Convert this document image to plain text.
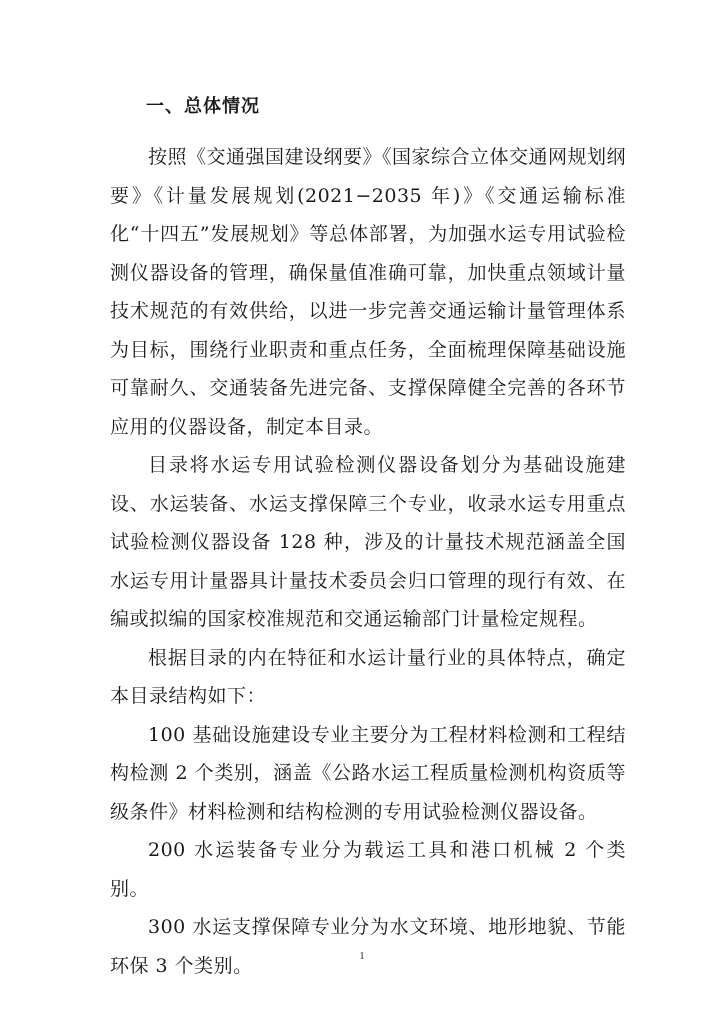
一、总体情况

按照《交通强国建设纲要》《国家综合立体交通网规划纲要》《计量发展规划(2021−2035 年)》《交通运输标准化“十四五”发展规划》等总体部署，为加强水运专用试验检测仪器设备的管理，确保量值准确可靠，加快重点领域计量技术规范的有效供给，以进一步完善交通运输计量管理体系为目标，围绕行业职责和重点任务，全面梳理保障基础设施可靠耐久、交通装备先进完备、支撑保障健全完善的各环节应用的仪器设备，制定本目录。

目录将水运专用试验检测仪器设备划分为基础设施建设、水运装备、水运支撑保障三个专业，收录水运专用重点试验检测仪器设备 128 种，涉及的计量技术规范涵盖全国水运专用计量器具计量技术委员会归口管理的现行有效、在编或拟编的国家校准规范和交通运输部门计量检定规程。

根据目录的内在特征和水运计量行业的具体特点，确定本目录结构如下：

100 基础设施建设专业主要分为工程材料检测和工程结构检测 2 个类别，涵盖《公路水运工程质量检测机构资质等级条件》材料检测和结构检测的专用试验检测仪器设备。

200 水运装备专业分为载运工具和港口机械 2 个类别。

300 水运支撑保障专业分为水文环境、地形地貌、节能环保 3 个类别。	1
